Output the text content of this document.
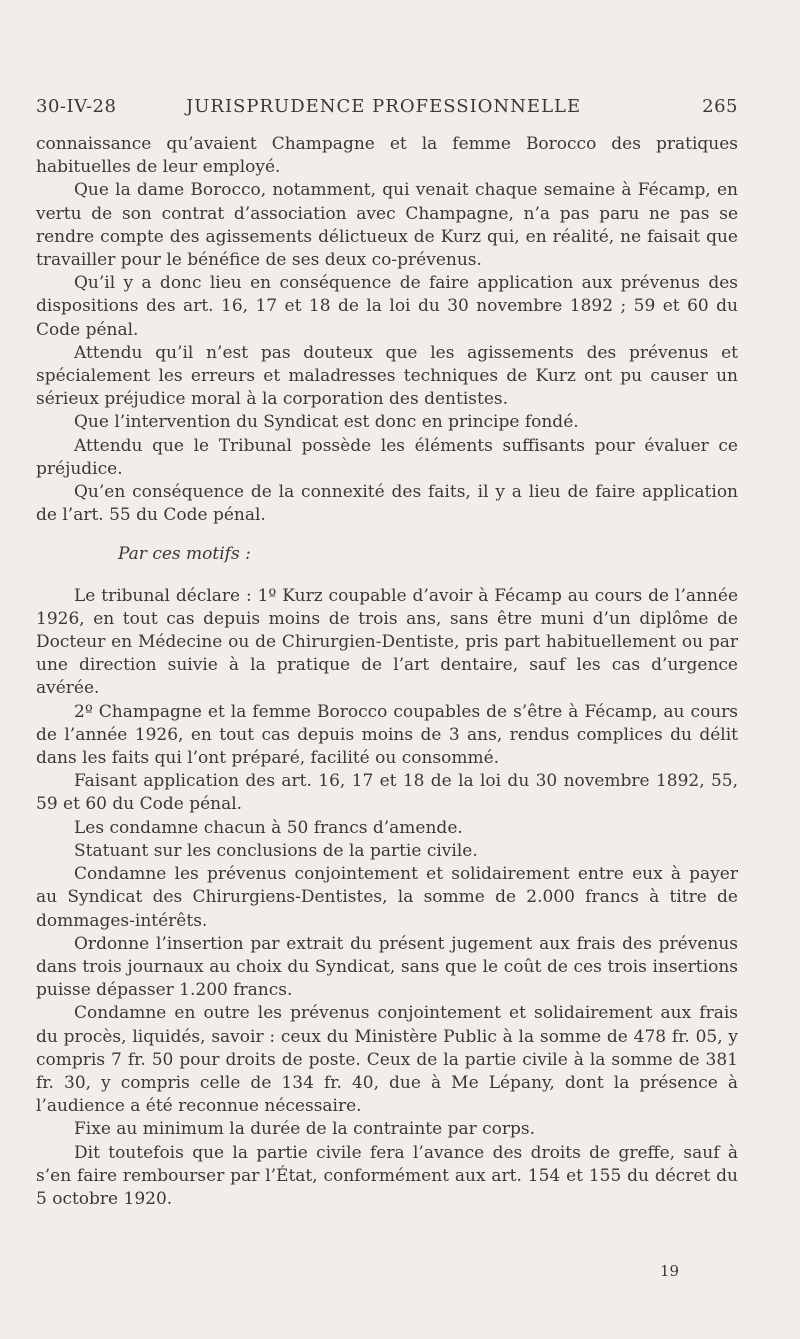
30-IV-28	JURISPRUDENCE PROFESSIONNELLE	265

connaissance qu’avaient Champagne et la femme Borocco des pratiques habituelles de leur employé.

Que la dame Borocco, notamment, qui venait chaque semaine à Fécamp, en vertu de son contrat d’association avec Champagne, n’a pas paru ne pas se rendre compte des agissements délictueux de Kurz qui, en réalité, ne faisait que travailler pour le bénéfice de ses deux co-prévenus.

Qu’il y a donc lieu en conséquence de faire application aux prévenus des dispositions des art. 16, 17 et 18 de la loi du 30 novembre 1892 ; 59 et 60 du Code pénal.

Attendu qu’il n’est pas douteux que les agissements des prévenus et spécialement les erreurs et maladresses techniques de Kurz ont pu causer un sérieux préjudice moral à la corporation des dentistes.

Que l’intervention du Syndicat est donc en principe fondé.

Attendu que le Tribunal possède les éléments suffisants pour évaluer ce préjudice.

Qu’en conséquence de la connexité des faits, il y a lieu de faire application de l’art. 55 du Code pénal.

Par ces motifs :

Le tribunal déclare : 1º Kurz coupable d’avoir à Fécamp au cours de l’année 1926, en tout cas depuis moins de trois ans, sans être muni d’un diplôme de Docteur en Médecine ou de Chirurgien-Dentiste, pris part habituellement ou par une direction suivie à la pratique de l’art dentaire, sauf les cas d’urgence avérée.

2º Champagne et la femme Borocco coupables de s’être à Fécamp, au cours de l’année 1926, en tout cas depuis moins de 3 ans, rendus complices du délit dans les faits qui l’ont préparé, facilité ou consommé.

Faisant application des art. 16, 17 et 18 de la loi du 30 novembre 1892, 55, 59 et 60 du Code pénal.

Les condamne chacun à 50 francs d’amende.

Statuant sur les conclusions de la partie civile.

Condamne les prévenus conjointement et solidairement entre eux à payer au Syndicat des Chirurgiens-Dentistes, la somme de 2.000 francs à titre de dommages-intérêts.

Ordonne l’insertion par extrait du présent jugement aux frais des prévenus dans trois journaux au choix du Syndicat, sans que le coût de ces trois insertions puisse dépasser 1.200 francs.

Condamne en outre les prévenus conjointement et solidairement aux frais du procès, liquidés, savoir : ceux du Ministère Public à la somme de 478 fr. 05, y compris 7 fr. 50 pour droits de poste. Ceux de la partie civile à la somme de 381 fr. 30, y compris celle de 134 fr. 40, due à Me Lépany, dont la présence à l’audience a été reconnue nécessaire.

Fixe au minimum la durée de la contrainte par corps.

Dit toutefois que la partie civile fera l’avance des droits de greffe, sauf à s’en faire rembourser par l’État, conformément aux art. 154 et 155 du décret du 5 octobre 1920.

19
